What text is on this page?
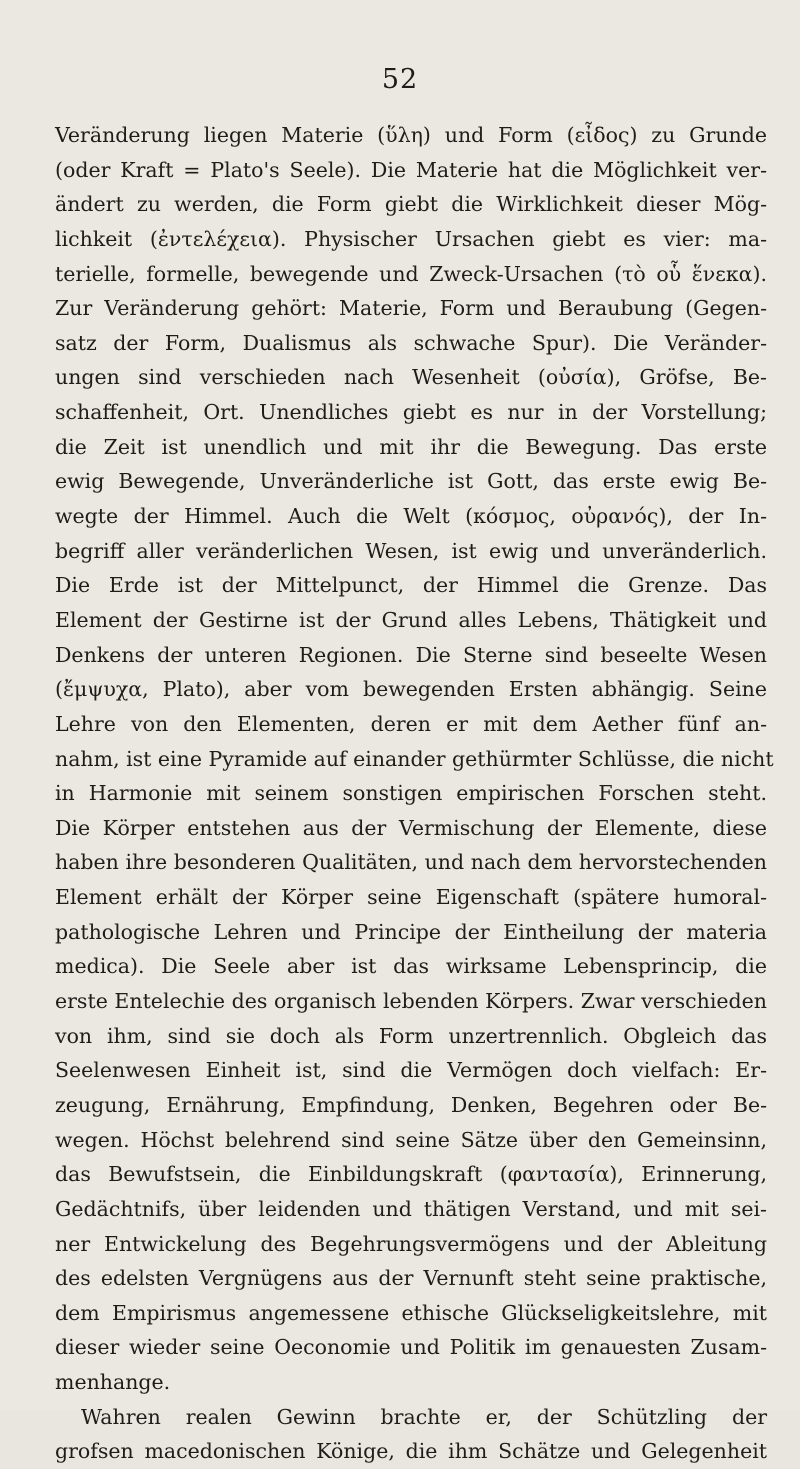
52
Veränderung liegen Materie (ὕλη) und Form (εἶδος) zu Grunde
(oder Kraft = Plato's Seele). Die Materie hat die Möglichkeit ver-
ändert zu werden, die Form giebt die Wirklichkeit dieser Mög-
lichkeit (ἐντελέχεια). Physischer Ursachen giebt es vier: ma-
terielle, formelle, bewegende und Zweck-Ursachen (τὸ οὗ ἕνεκα).
Zur Veränderung gehört: Materie, Form und Beraubung (Gegen-
satz der Form, Dualismus als schwache Spur). Die Veränder-
ungen sind verschieden nach Wesenheit (οὐσία), Gröfse, Be-
schaffenheit, Ort. Unendliches giebt es nur in der Vorstellung;
die Zeit ist unendlich und mit ihr die Bewegung. Das erste
ewig Bewegende, Unveränderliche ist Gott, das erste ewig Be-
wegte der Himmel. Auch die Welt (κόσμος, οὐρανός), der In-
begriff aller veränderlichen Wesen, ist ewig und unveränderlich.
Die Erde ist der Mittelpunct, der Himmel die Grenze. Das
Element der Gestirne ist der Grund alles Lebens, Thätigkeit und
Denkens der unteren Regionen. Die Sterne sind beseelte Wesen
(ἔμψυχα, Plato), aber vom bewegenden Ersten abhängig. Seine
Lehre von den Elementen, deren er mit dem Aether fünf an-
nahm, ist eine Pyramide auf einander gethürmter Schlüsse, die nicht
in Harmonie mit seinem sonstigen empirischen Forschen steht.
Die Körper entstehen aus der Vermischung der Elemente, diese
haben ihre besonderen Qualitäten, und nach dem hervorstechenden
Element erhält der Körper seine Eigenschaft (spätere humoral-
pathologische Lehren und Principe der Eintheilung der materia
medica). Die Seele aber ist das wirksame Lebensprincip, die
erste Entelechie des organisch lebenden Körpers. Zwar verschieden
von ihm, sind sie doch als Form unzertrennlich. Obgleich das
Seelenwesen Einheit ist, sind die Vermögen doch vielfach: Er-
zeugung, Ernährung, Empfindung, Denken, Begehren oder Be-
wegen. Höchst belehrend sind seine Sätze über den Gemeinsinn,
das Bewufstsein, die Einbildungskraft (φαντασία), Erinnerung,
Gedächtnifs, über leidenden und thätigen Verstand, und mit sei-
ner Entwickelung des Begehrungsvermögens und der Ableitung
des edelsten Vergnügens aus der Vernunft steht seine praktische,
dem Empirismus angemessene ethische Glückseligkeitslehre, mit
dieser wieder seine Oeconomie und Politik im genauesten Zusam-
menhange.
Wahren realen Gewinn brachte er, der Schützling der
grofsen macedonischen Könige, die ihm Schätze und Gelegenheit
